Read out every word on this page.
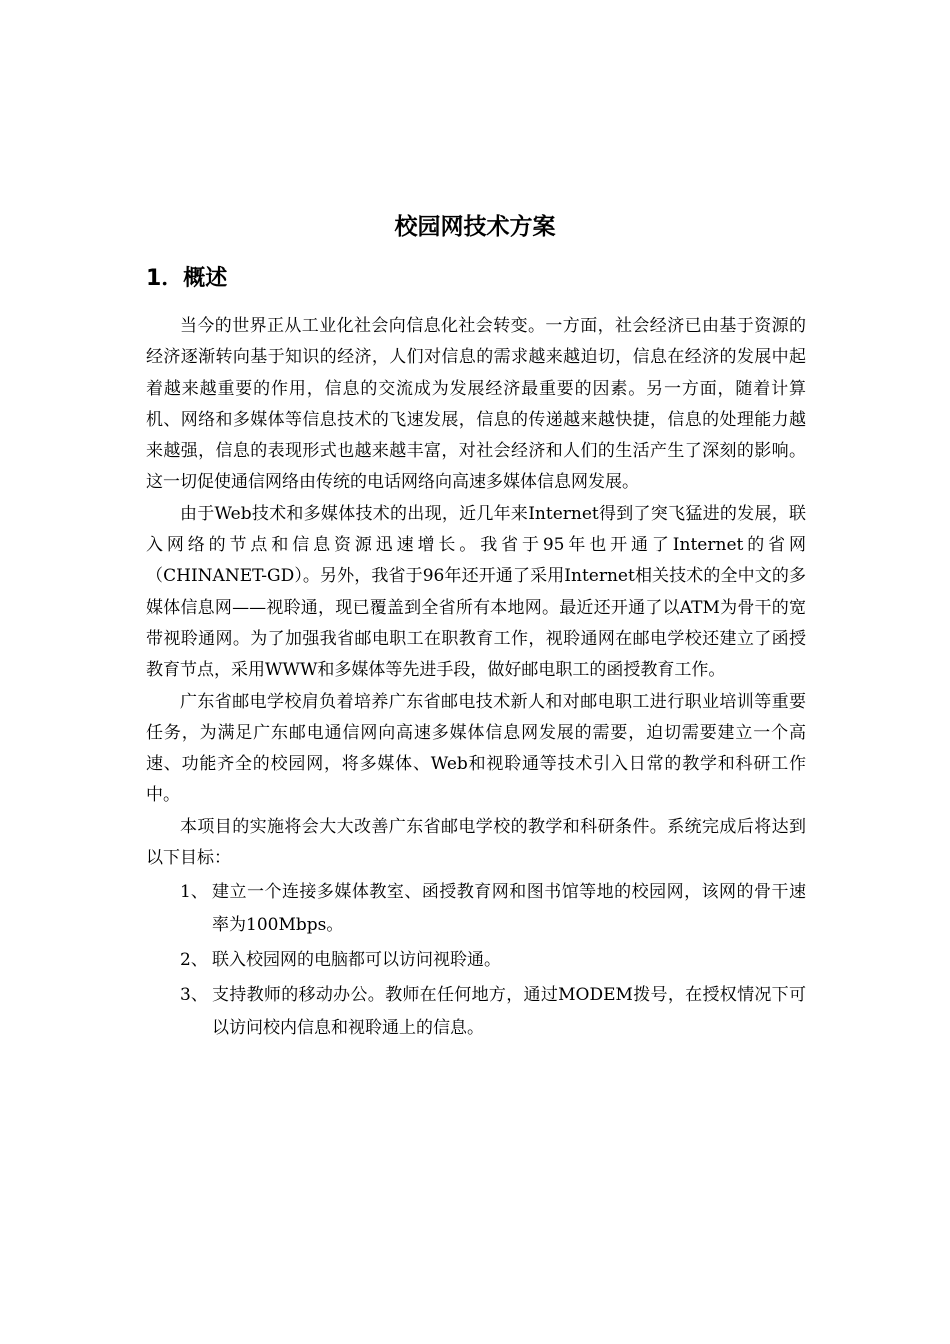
校园网技术方案
1．概述

当今的世界正从工业化社会向信息化社会转变。一方面，社会经济已由基于资源的经济逐渐转向基于知识的经济，人们对信息的需求越来越迫切，信息在经济的发展中起着越来越重要的作用，信息的交流成为发展经济最重要的因素。另一方面，随着计算机、网络和多媒体等信息技术的飞速发展，信息的传递越来越快捷，信息的处理能力越来越强，信息的表现形式也越来越丰富，对社会经济和人们的生活产生了深刻的影响。这一切促使通信网络由传统的电话网络向高速多媒体信息网发展。

由于Web技术和多媒体技术的出现，近几年来Internet得到了突飞猛进的发展，联入网络的节点和信息资源迅速增长。我省于95年也开通了Internet的省网（CHINANET-GD）。另外，我省于96年还开通了采用Internet相关技术的全中文的多媒体信息网——视聆通，现已覆盖到全省所有本地网。最近还开通了以ATM为骨干的宽带视聆通网。为了加强我省邮电职工在职教育工作，视聆通网在邮电学校还建立了函授教育节点，采用WWW和多媒体等先进手段，做好邮电职工的函授教育工作。

广东省邮电学校肩负着培养广东省邮电技术新人和对邮电职工进行职业培训等重要任务，为满足广东邮电通信网向高速多媒体信息网发展的需要，迫切需要建立一个高速、功能齐全的校园网，将多媒体、Web和视聆通等技术引入日常的教学和科研工作中。

本项目的实施将会大大改善广东省邮电学校的教学和科研条件。系统完成后将达到以下目标：

1、 建立一个连接多媒体教室、函授教育网和图书馆等地的校园网，该网的骨干速率为100Mbps。
2、 联入校园网的电脑都可以访问视聆通。
3、 支持教师的移动办公。教师在任何地方，通过MODEM拨号，在授权情况下可以访问校内信息和视聆通上的信息。
